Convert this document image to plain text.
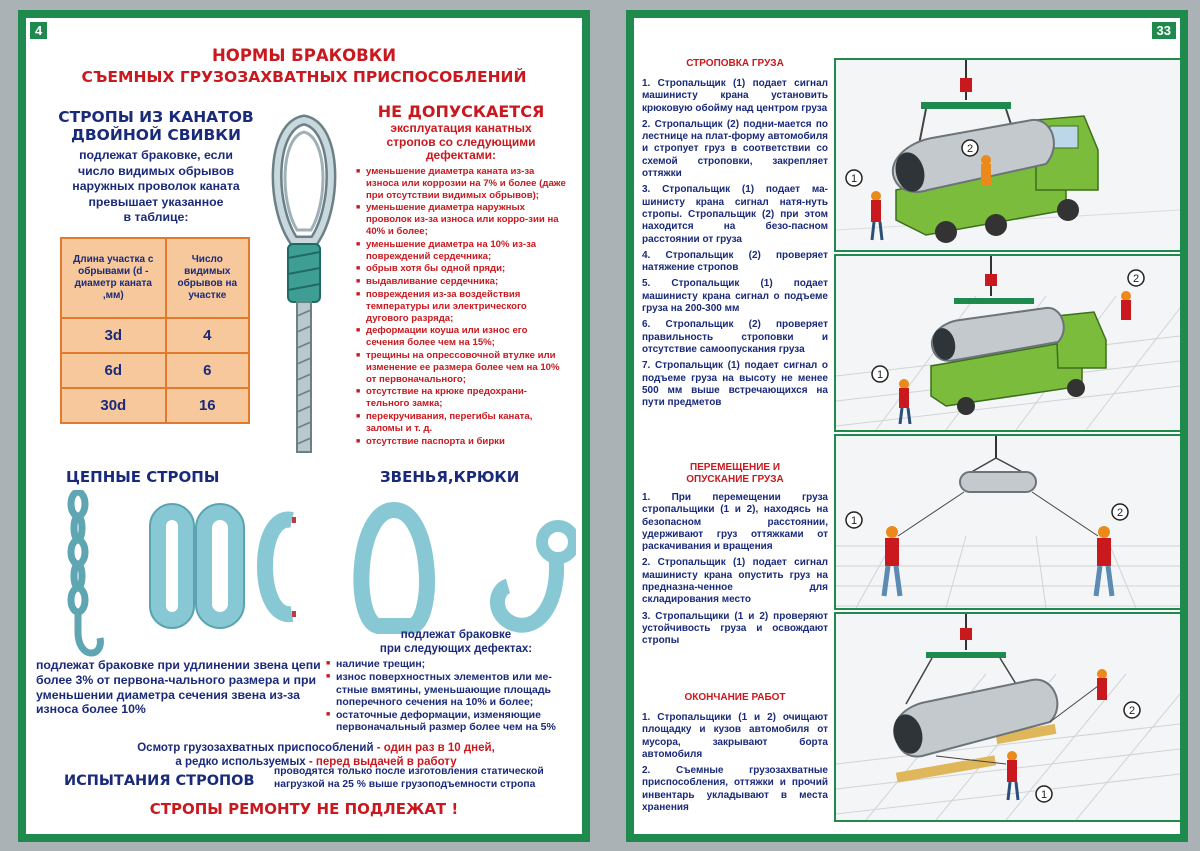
4
НОРМЫ БРАКОВКИ
СЪЕМНЫХ ГРУЗОЗАХВАТНЫХ ПРИСПОСОБЛЕНИЙ
СТРОПЫ ИЗ КАНАТОВ
ДВОЙНОЙ СВИВКИ
подлежат браковке, если
число видимых обрывов
наружных проволок каната
превышает указанное
в таблице:
Длина участка с обрывами (d - диаметр каната ,мм)	Число видимых обрывов на участке
3d	4
6d	6
30d	16
НЕ ДОПУСКАЕТСЯ
эксплуатация канатных
стропов со следующими
дефектами:
■ уменьшение диаметра каната из-за износа или коррозии на 7% и более (даже при отсутствии видимых обрывов);
■ уменьшение диаметра наружных проволок из-за износа или корро-зии на 40% и более;
■ уменьшение диаметра на 10% из-за повреждений сердечника;
■ обрыв хотя бы одной пряди;
■ выдавливание сердечника;
■ повреждения из-за воздействия температуры или электрического дугового разряда;
■ деформации коуша или износ его сечения более чем на 15%;
■ трещины на опрессовочной втулке или изменение ее размера более чем на 10% от первоначального;
■ отсутствие на крюке предохрани-тельного замка;
■ перекручивания, перегибы каната, заломы и т. д.
■ отсутствие паспорта и бирки
ЦЕПНЫЕ СТРОПЫ	ЗВЕНЬЯ,КРЮКИ
подлежат браковке при удлинении звена цепи более 3% от первона-чального размера и при уменьшении диаметра сечения звена из-за износа более 10%
подлежат браковке
при следующих дефектах:
■ наличие трещин;
■ износ поверхностных элементов или ме-стные вмятины, уменьшающие площадь поперечного сечения на 10% и более;
■ остаточные деформации, изменяющие первоначальный размер более чем на 5%
Осмотр грузозахватных приспособлений - один раз в 10 дней,
а редко используемых - перед выдачей в работу
ИСПЫТАНИЯ СТРОПОВ
проводятся только после изготовления статической нагрузкой на 25 % выше грузоподъемности стропа
СТРОПЫ РЕМОНТУ НЕ ПОДЛЕЖАТ !
33
СТРОПОВКА ГРУЗА

1. Стропальщик (1) подает сигнал машинисту крана установить крюковую обойму над центром груза

2. Стропальщик (2) подни-мается по лестнице на плат-форму автомобиля и стропует груз в соответствии со схемой строповки, закрепляет оттяжки

3. Стропальщик (1) подает ма-шинисту крана сигнал натя-нуть стропы. Стропальщик (2) при этом находится на безо-пасном расстоянии от груза

4. Стропальщик (2) проверяет натяжение стропов

5. Стропальщик (1) подает машинисту крана сигнал о подъеме груза на 200-300 мм

6. Стропальщик (2) проверяет правильность строповки и отсутствие самоопускания груза

7. Стропальщик (1) подает сигнал о подъеме груза на высоту не менее 500 мм выше встречающихся на пути предметов

ПЕРЕМЕЩЕНИЕ И
ОПУСКАНИЕ ГРУЗА

1. При перемещении груза стропальщики (1 и 2), находясь на безопасном расстоянии, удерживают груз оттяжками от раскачивания и вращения

2. Стропальщик (1) подает сигнал машинисту крана опустить груз на предназна-ченное для складирования место

3. Стропальщики (1 и 2) проверяют устойчивость груза и освождают стропы

ОКОНЧАНИЕ РАБОТ

1. Стропальщики (1 и 2) очищают площадку и кузов автомобиля от мусора, закрывают борта автомобиля

2. Съемные грузозахватные приспособления, оттяжки и прочий инвентарь укладывают в места хранения

1
2
1
2
1
2
1
2
